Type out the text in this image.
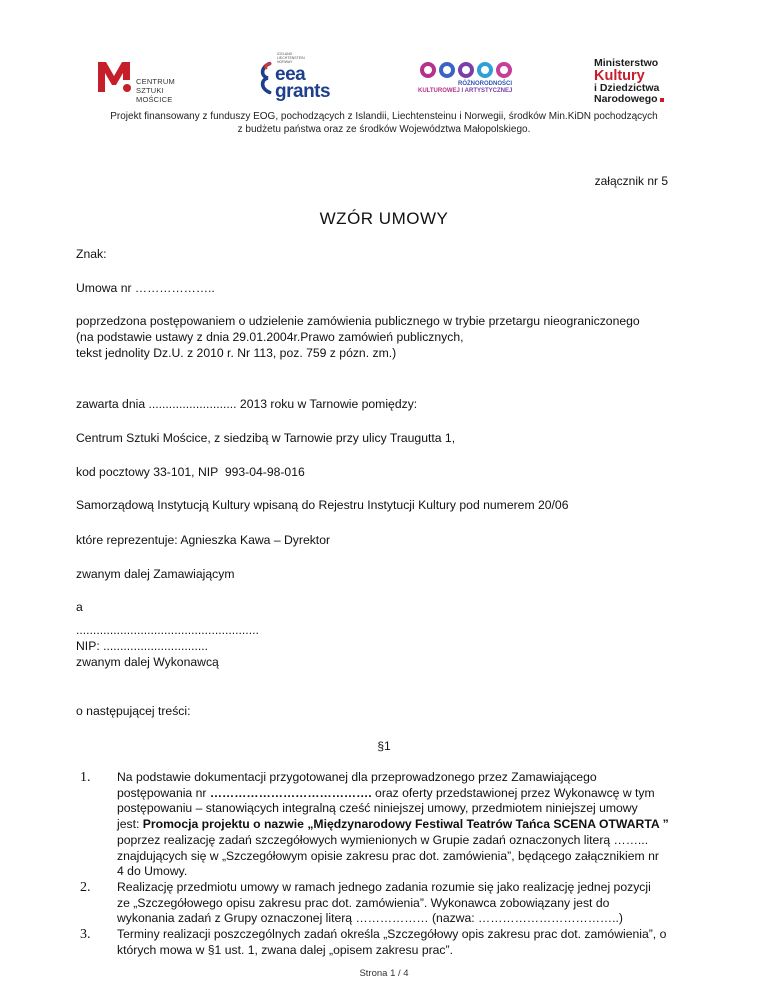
CENTRUM
SZTUKI
MOŚCICE
ICELAND
LIECHTENSTEIN
NORWAY
eea
grants	RÓŻNORODNOŚCI
KULTUROWEJ I ARTYSTYCZNEJ
Ministerstwo
Kultury
i Dziedzictwa
Narodowego
Projekt finansowany z funduszy EOG, pochodzących z Islandii, Liechtensteinu i Norwegii, środków Min.KiDN pochodzących
z budżetu państwa oraz ze środków Województwa Małopolskiego.
załącznik nr 5
WZÓR UMOWY
Znak:
Umowa nr ………………..
poprzedzona postępowaniem o udzielenie zamówienia publicznego w trybie przetargu nieograniczonego
(na podstawie ustawy z dnia 29.01.2004r.Prawo zamówień publicznych,
tekst jednolity Dz.U. z 2010 r. Nr 113, poz. 759 z pózn. zm.)
zawarta dnia .......................... 2013 roku w Tarnowie pomiędzy:
Centrum Sztuki Mościce, z siedzibą w Tarnowie przy ulicy Traugutta 1,
kod pocztowy 33-101, NIP  993-04-98-016
Samorządową Instytucją Kultury wpisaną do Rejestru Instytucji Kultury pod numerem 20/06
które reprezentuje: Agnieszka Kawa – Dyrektor
zwanym dalej Zamawiającym
a
......................................................
NIP: ...............................
zwanym dalej Wykonawcą
o następującej treści:
§1
1. Na podstawie dokumentacji przygotowanej dla przeprowadzonego przez Zamawiającego
postępowania nr …………………………………. oraz oferty przedstawionej przez Wykonawcę w tym
postępowaniu – stanowiących integralną cześć niniejszej umowy, przedmiotem niniejszej umowy
jest: Promocja projektu o nazwie „Międzynarodowy Festiwal Teatrów Tańca SCENA OTWARTA ”
poprzez realizację zadań szczegółowych wymienionych w Grupie zadań oznaczonych literą ……...
znajdujących się w „Szczegółowym opisie zakresu prac dot. zamówienia”, będącego załącznikiem nr
4 do Umowy.
2. Realizację przedmiotu umowy w ramach jednego zadania rozumie się jako realizację jednej pozycji
ze „Szczegółowego opisu zakresu prac dot. zamówienia”. Wykonawca zobowiązany jest do
wykonania zadań z Grupy oznaczonej literą ……………… (nazwa: ……………………………..)
3. Terminy realizacji poszczególnych zadań określa „Szczegółowy opis zakresu prac dot. zamówienia”, o
których mowa w §1 ust. 1, zwana dalej „opisem zakresu prac”.
Strona 1 / 4
